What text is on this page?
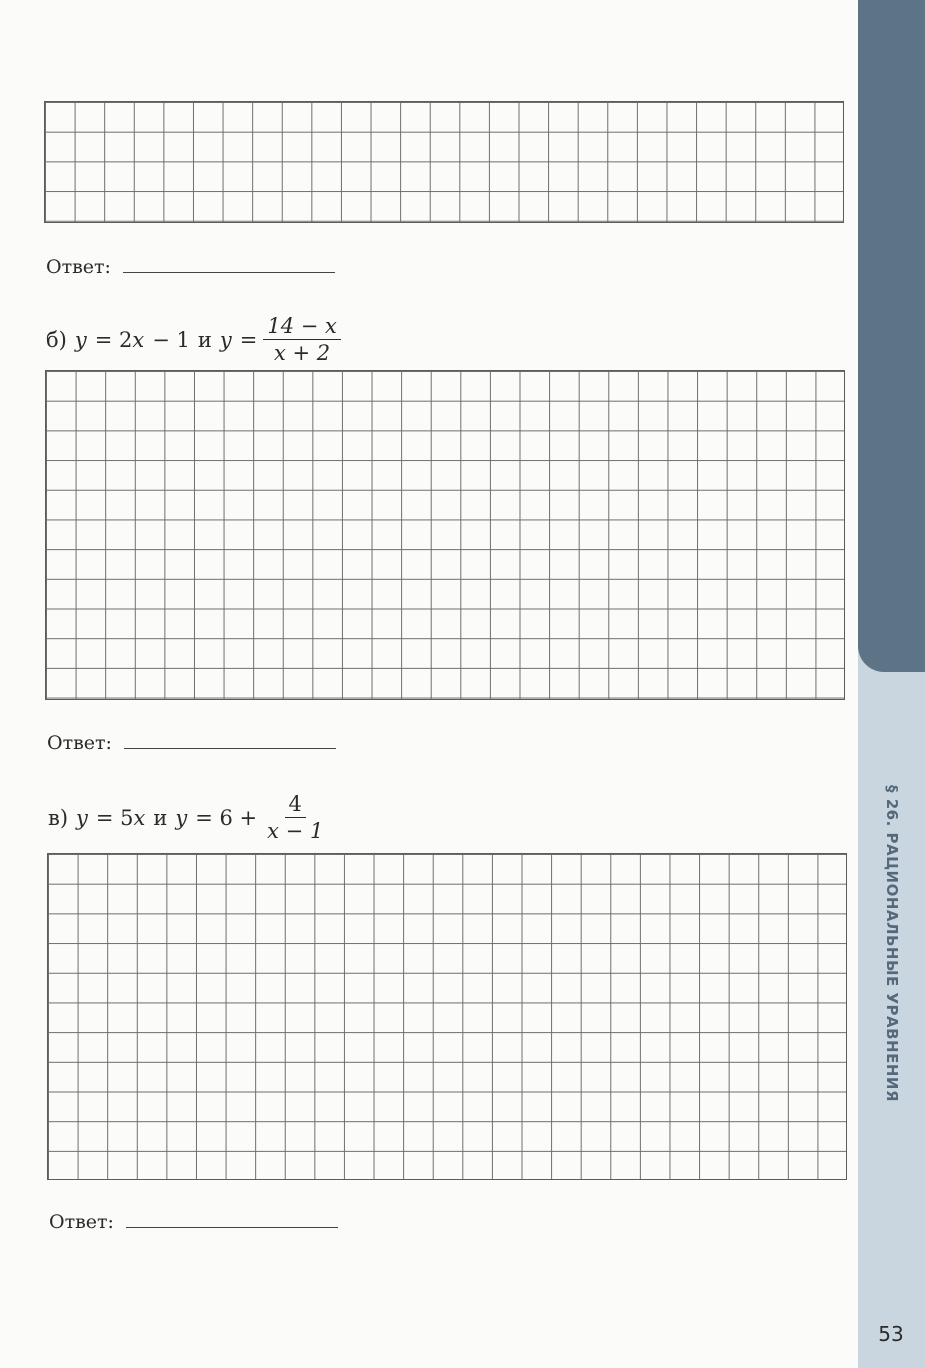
Ответ:
б) y = 2 x − 1 и $y = \frac{14 - x}{x + 2}$
Ответ:
в) y = 5 x и $y = 6 + \frac{4}{x - 1}$
Ответ:
§ 26. РАЦИОНАЛЬНЫЕ УРАВНЕНИЯ
53
